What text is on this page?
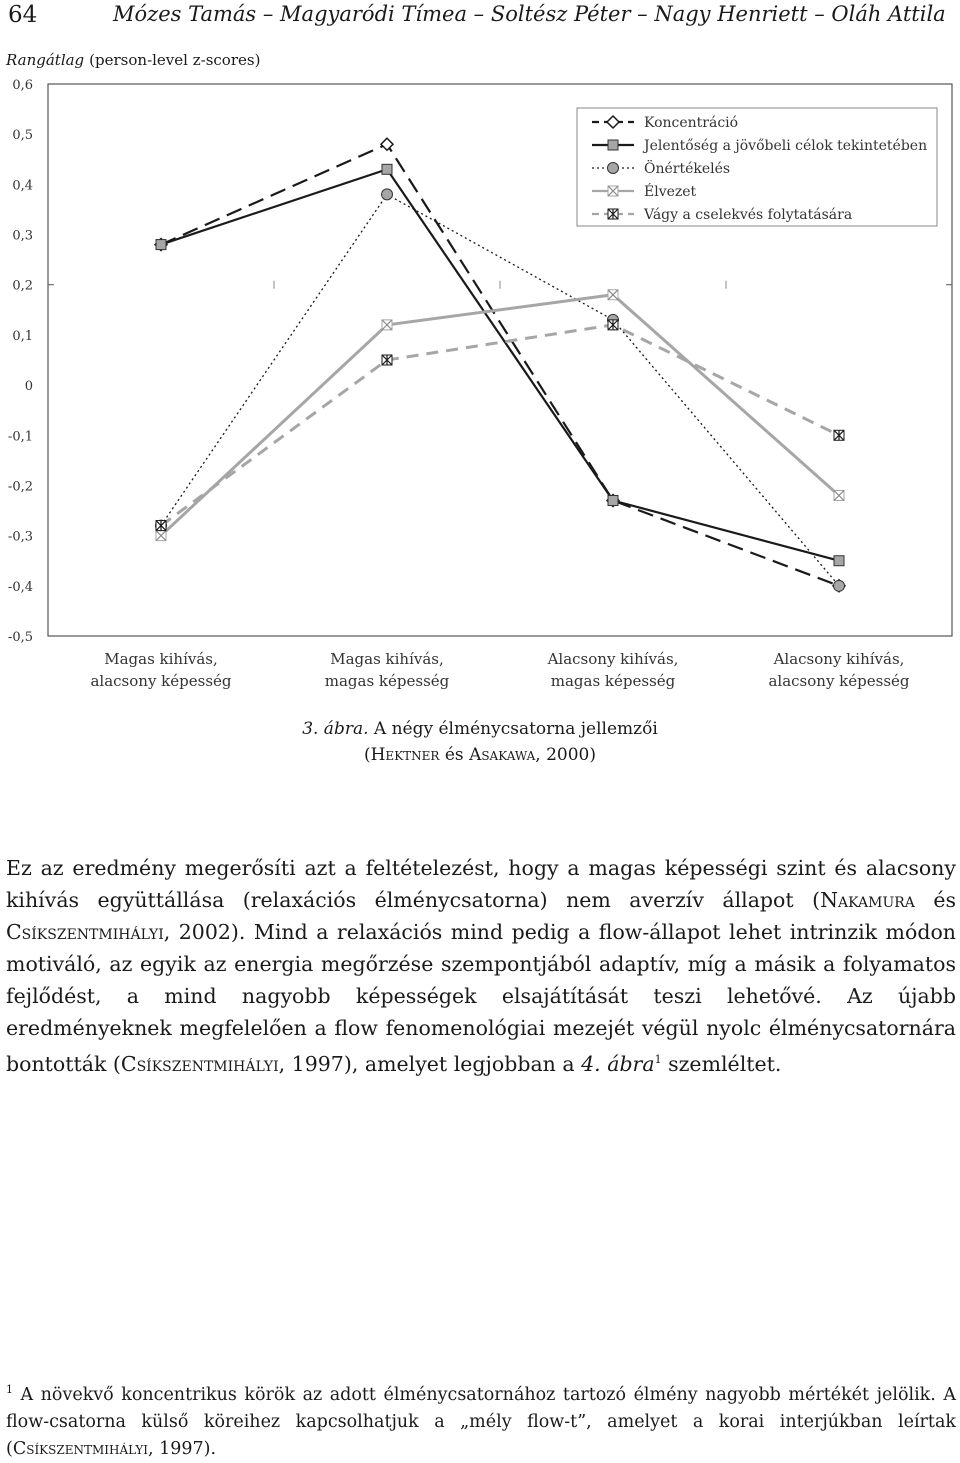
64	Mózes Tamás – Magyaródi Tímea – Soltész Péter – Nagy Henriett – Oláh Attila
Rangátlag (person-level z-scores)
0,6
0,5
0,4
0,3
0,2
0,1
0
-0,1
-0,2
-0,3
-0,4
-0,5
Magas kihívás,
alacsony képesség
Magas kihívás,
magas képesség
Alacsony kihívás,
magas képesség
Alacsony kihívás,
alacsony képesség
Koncentráció
Jelentőség a jövőbeli célok tekintetében
Önértékelés
Élvezet
Vágy a cselekvés folytatására
3. ábra. A négy élménycsatorna jellemzői
(Hektner és Asakawa, 2000)
Ez az eredmény megerősíti azt a feltételezést, hogy a magas képességi szint és alacsony kihívás együttállása (relaxációs élménycsatorna) nem averzív állapot (Nakamura és Csíkszentmihályi, 2002). Mind a relaxációs mind pedig a flow-állapot lehet intrinzik módon motiváló, az egyik az energia megőrzése szempontjából adaptív, míg a másik a folyamatos fejlődést, a mind nagyobb képességek elsajátítását teszi lehetővé. Az újabb eredményeknek megfelelően a flow fenomenológiai mezejét végül nyolc élménycsatornára bontották (Csíkszentmihályi, 1997), amelyet legjobban a 4. ábra$^1$ szemléltet.
$^1$ A növekvő koncentrikus körök az adott élménycsatornához tartozó élmény nagyobb mértékét jelölik. A flow-csatorna külső köreihez kapcsolhatjuk a „mély flow-t”, amelyet a korai interjúkban leírtak (Csíkszentmihályi, 1997).
